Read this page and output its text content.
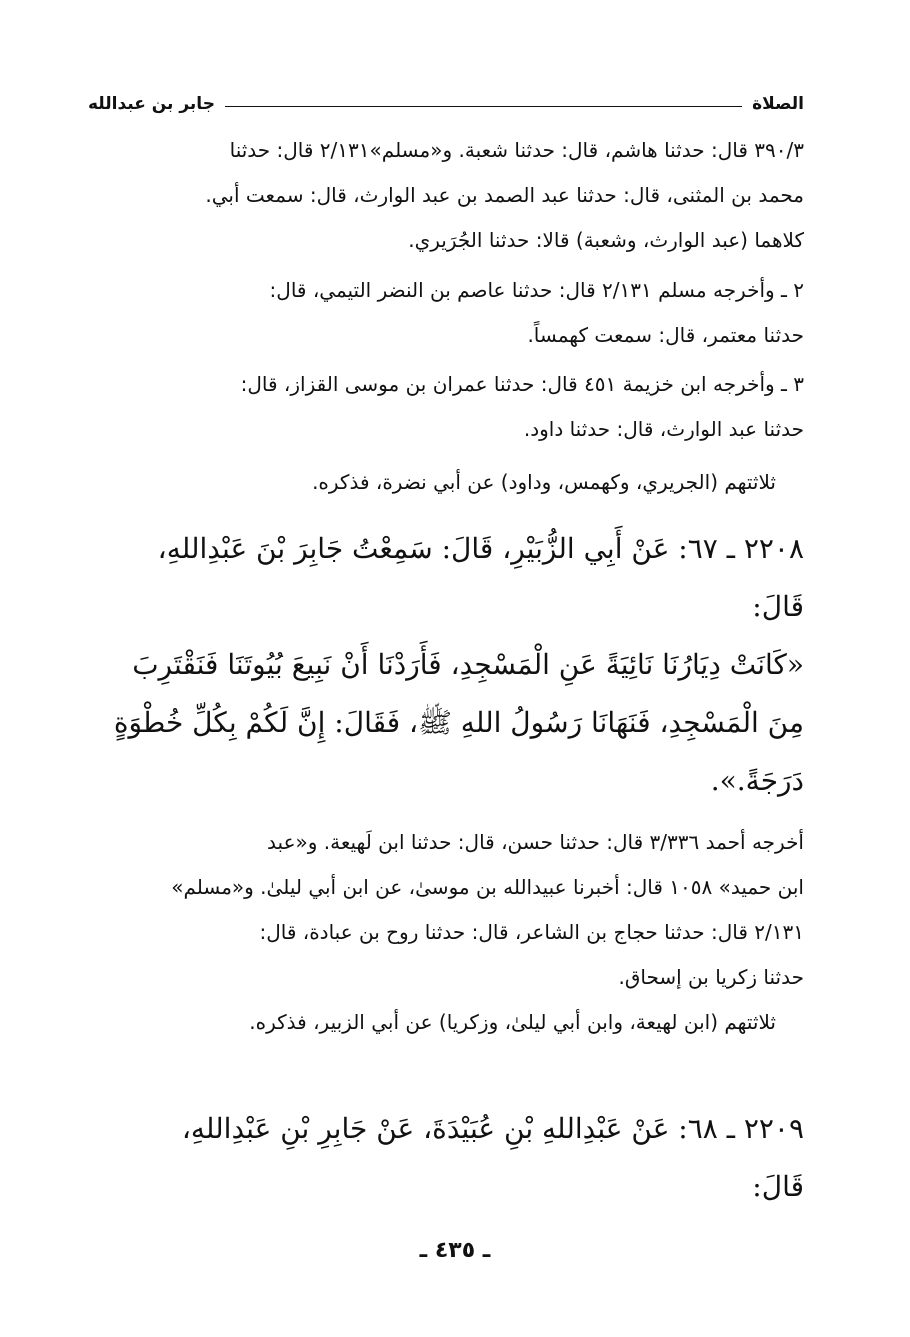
الصلاة
جابر بن عبدالله
٣٩٠/٣ قال: حدثنا هاشم، قال: حدثنا شعبة. و«مسلم»٢/١٣١ قال: حدثنا
محمد بن المثنى، قال: حدثنا عبد الصمد بن عبد الوارث، قال: سمعت أبي.
كلاهما (عبد الوارث، وشعبة) قالا: حدثنا الجُرَيري.
٢ ـ وأخرجه مسلم ٢/١٣١ قال: حدثنا عاصم بن النضر التيمي، قال:
حدثنا معتمر، قال: سمعت كهمساً.
٣ ـ وأخرجه ابن خزيمة ٤٥١ قال: حدثنا عمران بن موسى القزاز، قال:
حدثنا عبد الوارث، قال: حدثنا داود.
ثلاثتهم (الجريري، وكهمس، وداود) عن أبي نضرة، فذكره.
٢٢٠٨ ـ ٦٧: عَنْ أَبِي الزُّبَيْرِ، قَالَ: سَمِعْتُ جَابِرَ بْنَ عَبْدِاللهِ،
قَالَ:
«كَانَتْ دِيَارُنَا نَائِيَةً عَنِ الْمَسْجِدِ، فَأَرَدْنَا أَنْ نَبِيعَ بُيُوتَنَا فَنَقْتَرِبَ
مِنَ الْمَسْجِدِ، فَنَهَانَا رَسُولُ اللهِ ﷺ، فَقَالَ: إِنَّ لَكُمْ بِكُلِّ خُطْوَةٍ
دَرَجَةً.».
أخرجه أحمد ٣/٣٣٦ قال: حدثنا حسن، قال: حدثنا ابن لَهيعة. و«عبد
ابن حميد» ١٠٥٨ قال: أخبرنا عبيدالله بن موسىٰ، عن ابن أبي ليلىٰ. و«مسلم»
٢/١٣١ قال: حدثنا حجاج بن الشاعر، قال: حدثنا روح بن عبادة، قال:
حدثنا زكريا بن إسحاق.
ثلاثتهم (ابن لهيعة، وابن أبي ليلىٰ، وزكريا) عن أبي الزبير، فذكره.
٢٢٠٩ ـ ٦٨: عَنْ عَبْدِاللهِ بْنِ عُبَيْدَةَ، عَنْ جَابِرِ بْنِ عَبْدِاللهِ،
قَالَ:
ـ ٤٣٥ ـ
